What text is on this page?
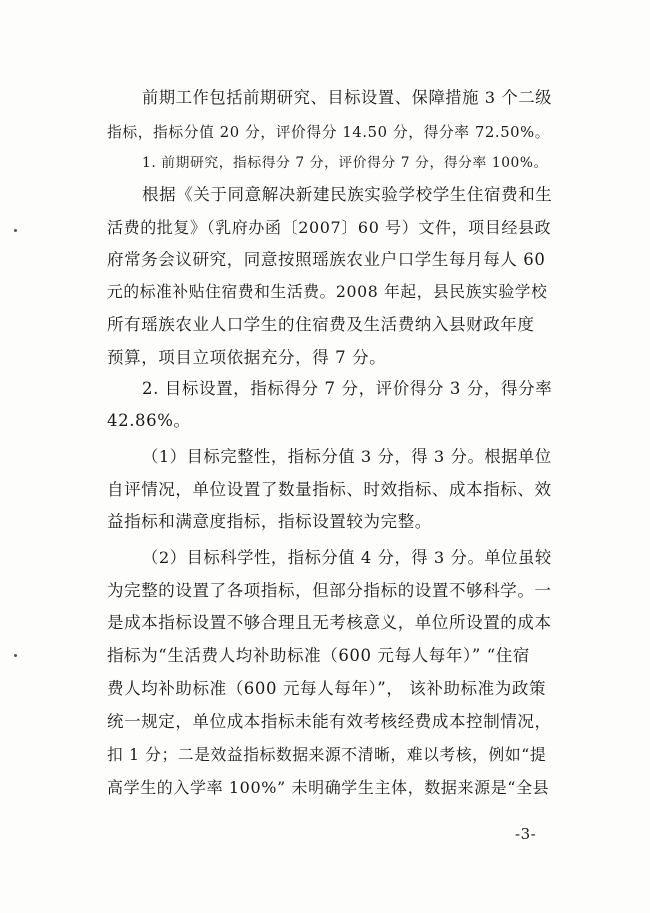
前期工作包括前期研究、目标设置、保障措施 3 个二级
指标，指标分值 20 分，评价得分 14.50 分，得分率 72.50%。
1. 前期研究，指标得分 7 分，评价得分 7 分，得分率 100%。
根据《关于同意解决新建民族实验学校学生住宿费和生
活费的批复》（乳府办函〔2007〕60 号）文件，项目经县政
府常务会议研究，同意按照瑶族农业户口学生每月每人 60
元的标准补贴住宿费和生活费。2008 年起，县民族实验学校
所有瑶族农业人口学生的住宿费及生活费纳入县财政年度
预算，项目立项依据充分，得 7 分。
2. 目标设置，指标得分 7 分，评价得分 3 分，得分率
42.86%。
（1）目标完整性，指标分值 3 分，得 3 分。根据单位
自评情况，单位设置了数量指标、时效指标、成本指标、效
益指标和满意度指标，指标设置较为完整。
（2）目标科学性，指标分值 4 分，得 3 分。单位虽较
为完整的设置了各项指标，但部分指标的设置不够科学。一
是成本指标设置不够合理且无考核意义，单位所设置的成本
指标为“生活费人均补助标准（600 元每人每年）” “住宿
费人均补助标准（600 元每人每年）”， 该补助标准为政策
统一规定，单位成本指标未能有效考核经费成本控制情况，
扣 1 分；二是效益指标数据来源不清晰，难以考核，例如“提
高学生的入学率 100%” 未明确学生主体，数据来源是“全县
-3-
